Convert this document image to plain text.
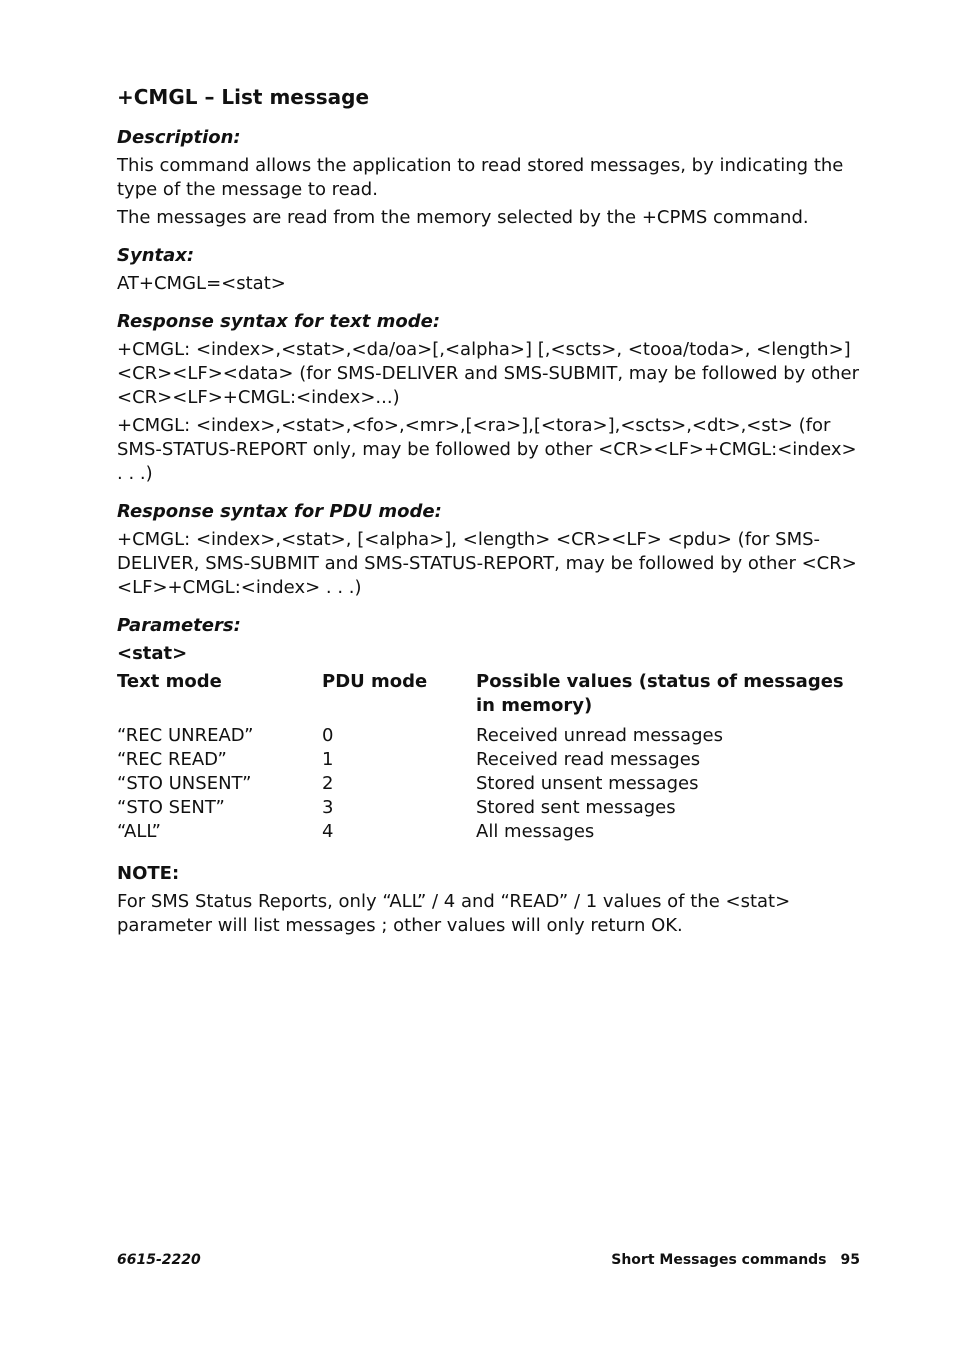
+CMGL – List message
Description:

This command allows the application to read stored messages, by indicating the type of the message to read.

The messages are read from the memory selected by the +CPMS command.

Syntax:

AT+CMGL=<stat>

Response syntax for text mode:

+CMGL: <index>,<stat>,<da/oa>[,<alpha>] [,<scts>, <tooa/toda>, <length>] <CR><LF><data> (for SMS-DELIVER and SMS-SUBMIT, may be followed by other <CR><LF>+CMGL:<index>...)

+CMGL: <index>,<stat>,<fo>,<mr>,[<ra>],[<tora>],<scts>,<dt>,<st> (for SMS-STATUS-REPORT only, may be followed by other <CR><LF>+CMGL:<index> . . .)

Response syntax for PDU mode:

+CMGL: <index>,<stat>, [<alpha>], <length> <CR><LF> <pdu> (for SMS-DELIVER, SMS-SUBMIT and SMS-STATUS-REPORT, may be followed by other <CR><LF>+CMGL:<index> . . .)

Parameters:
<stat>
Text mode	PDU mode	Possible values (status of messages in memory)
“REC UNREAD”	0	Received unread messages
“REC READ”	1	Received read messages
“STO UNSENT”	2	Stored unsent messages
“STO SENT”	3	Stored sent messages
“ALL”	4	All messages
NOTE:

For SMS Status Reports, only “ALL” / 4 and “READ” / 1 values of the <stat> parameter will list messages ; other values will only return OK.

6615-2220	Short Messages commands 95
